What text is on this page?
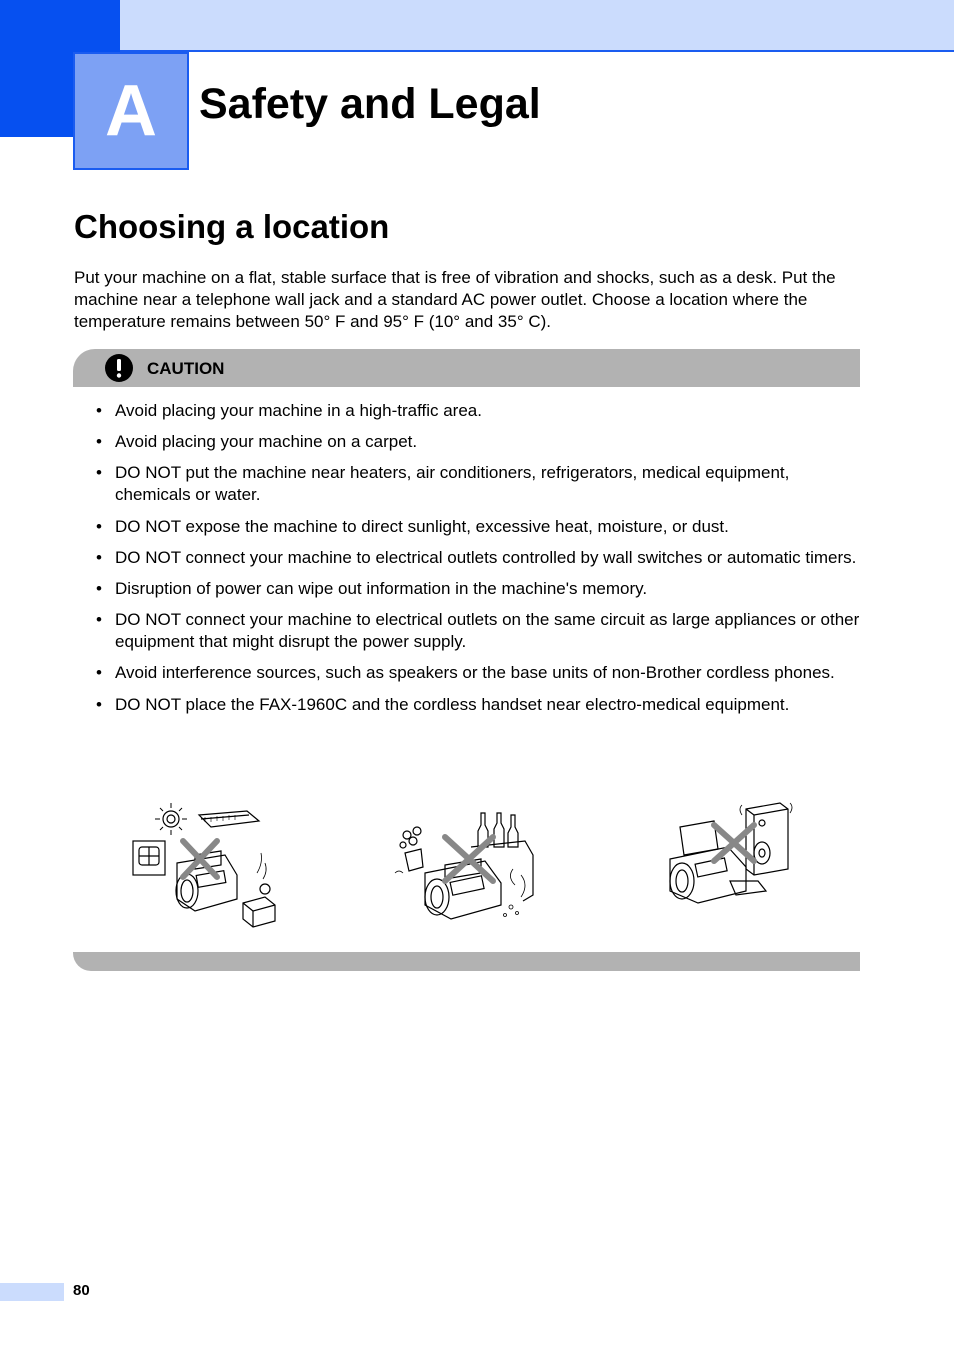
A Safety and Legal
Choosing a location

Put your machine on a flat, stable surface that is free of vibration and shocks, such as a desk. Put the machine near a telephone wall jack and a standard AC power outlet. Choose a location where the temperature remains between 50° F and 95° F (10° and 35° C).

CAUTION
• Avoid placing your machine in a high-traffic area.
• Avoid placing your machine on a carpet.
• DO NOT put the machine near heaters, air conditioners, refrigerators, medical equipment, chemicals or water.
• DO NOT expose the machine to direct sunlight, excessive heat, moisture, or dust.
• DO NOT connect your machine to electrical outlets controlled by wall switches or automatic timers.
• Disruption of power can wipe out information in the machine's memory.
• DO NOT connect your machine to electrical outlets on the same circuit as large appliances or other equipment that might disrupt the power supply.
• Avoid interference sources, such as speakers or the base units of non-Brother cordless phones.
• DO NOT place the FAX-1960C and the cordless handset near electro-medical equipment.
80
